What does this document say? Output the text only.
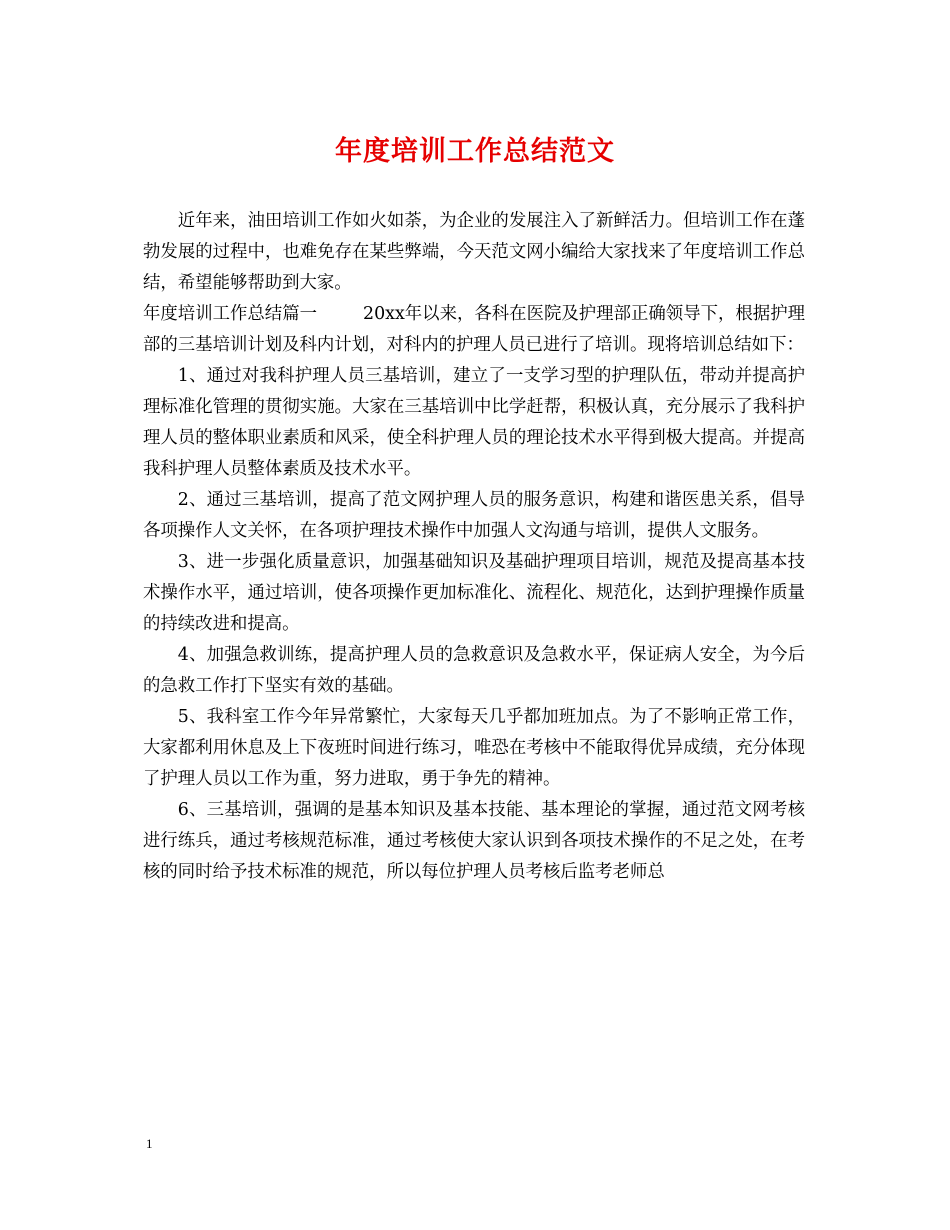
年度培训工作总结范文

近年来，油田培训工作如火如荼，为企业的发展注入了新鲜活力。但培训工作在蓬勃发展的过程中，也难免存在某些弊端，今天范文网小编给大家找来了年度培训工作总结，希望能够帮助到大家。

年度培训工作总结篇一	20xx年以来，各科在医院及护理部正确领导下，根据护理部的三基培训计划及科内计划，对科内的护理人员已进行了培训。现将培训总结如下：

1、通过对我科护理人员三基培训，建立了一支学习型的护理队伍，带动并提高护理标准化管理的贯彻实施。大家在三基培训中比学赶帮，积极认真，充分展示了我科护理人员的整体职业素质和风采，使全科护理人员的理论技术水平得到极大提高。并提高我科护理人员整体素质及技术水平。

2、通过三基培训，提高了范文网护理人员的服务意识，构建和谐医患关系，倡导各项操作人文关怀，在各项护理技术操作中加强人文沟通与培训，提供人文服务。

3、进一步强化质量意识，加强基础知识及基础护理项目培训，规范及提高基本技术操作水平，通过培训，使各项操作更加标准化、流程化、规范化，达到护理操作质量的持续改进和提高。

4、加强急救训练，提高护理人员的急救意识及急救水平，保证病人安全，为今后的急救工作打下坚实有效的基础。

5、我科室工作今年异常繁忙，大家每天几乎都加班加点。为了不影响正常工作，大家都利用休息及上下夜班时间进行练习，唯恐在考核中不能取得优异成绩，充分体现了护理人员以工作为重，努力进取，勇于争先的精神。

6、三基培训，强调的是基本知识及基本技能、基本理论的掌握，通过范文网考核进行练兵，通过考核规范标准，通过考核使大家认识到各项技术操作的不足之处，在考核的同时给予技术标准的规范，所以每位护理人员考核后监考老师总

1
